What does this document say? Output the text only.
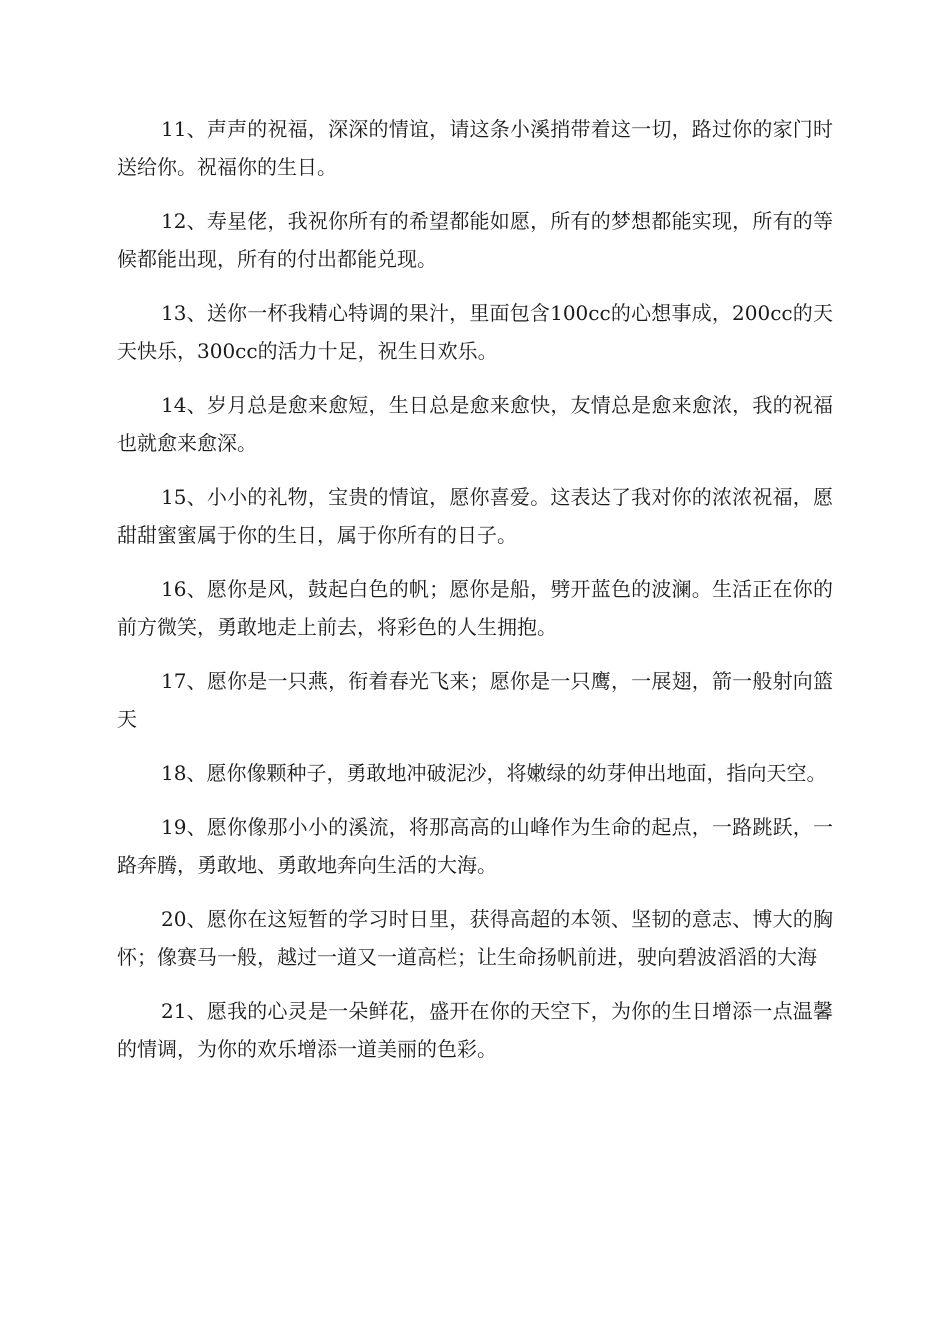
11、声声的祝福，深深的情谊，请这条小溪捎带着这一切，路过你的家门时送给你。祝福你的生日。

12、寿星佬，我祝你所有的希望都能如愿，所有的梦想都能实现，所有的等候都能出现，所有的付出都能兑现。

13、送你一杯我精心特调的果汁，里面包含100cc的心想事成，200cc的天天快乐，300cc的活力十足，祝生日欢乐。

14、岁月总是愈来愈短，生日总是愈来愈快，友情总是愈来愈浓，我的祝福也就愈来愈深。

15、小小的礼物，宝贵的情谊，愿你喜爱。这表达了我对你的浓浓祝福，愿甜甜蜜蜜属于你的生日，属于你所有的日子。

16、愿你是风，鼓起白色的帆；愿你是船，劈开蓝色的波澜。生活正在你的前方微笑，勇敢地走上前去，将彩色的人生拥抱。

17、愿你是一只燕，衔着春光飞来；愿你是一只鹰，一展翅，箭一般射向篮天

18、愿你像颗种子，勇敢地冲破泥沙，将嫩绿的幼芽伸出地面，指向天空。

19、愿你像那小小的溪流，将那高高的山峰作为生命的起点，一路跳跃，一路奔腾，勇敢地、勇敢地奔向生活的大海。

20、愿你在这短暂的学习时日里，获得高超的本领、坚韧的意志、博大的胸怀；像赛马一般，越过一道又一道高栏；让生命扬帆前进，驶向碧波滔滔的大海

21、愿我的心灵是一朵鲜花，盛开在你的天空下，为你的生日增添一点温馨的情调，为你的欢乐增添一道美丽的色彩。
